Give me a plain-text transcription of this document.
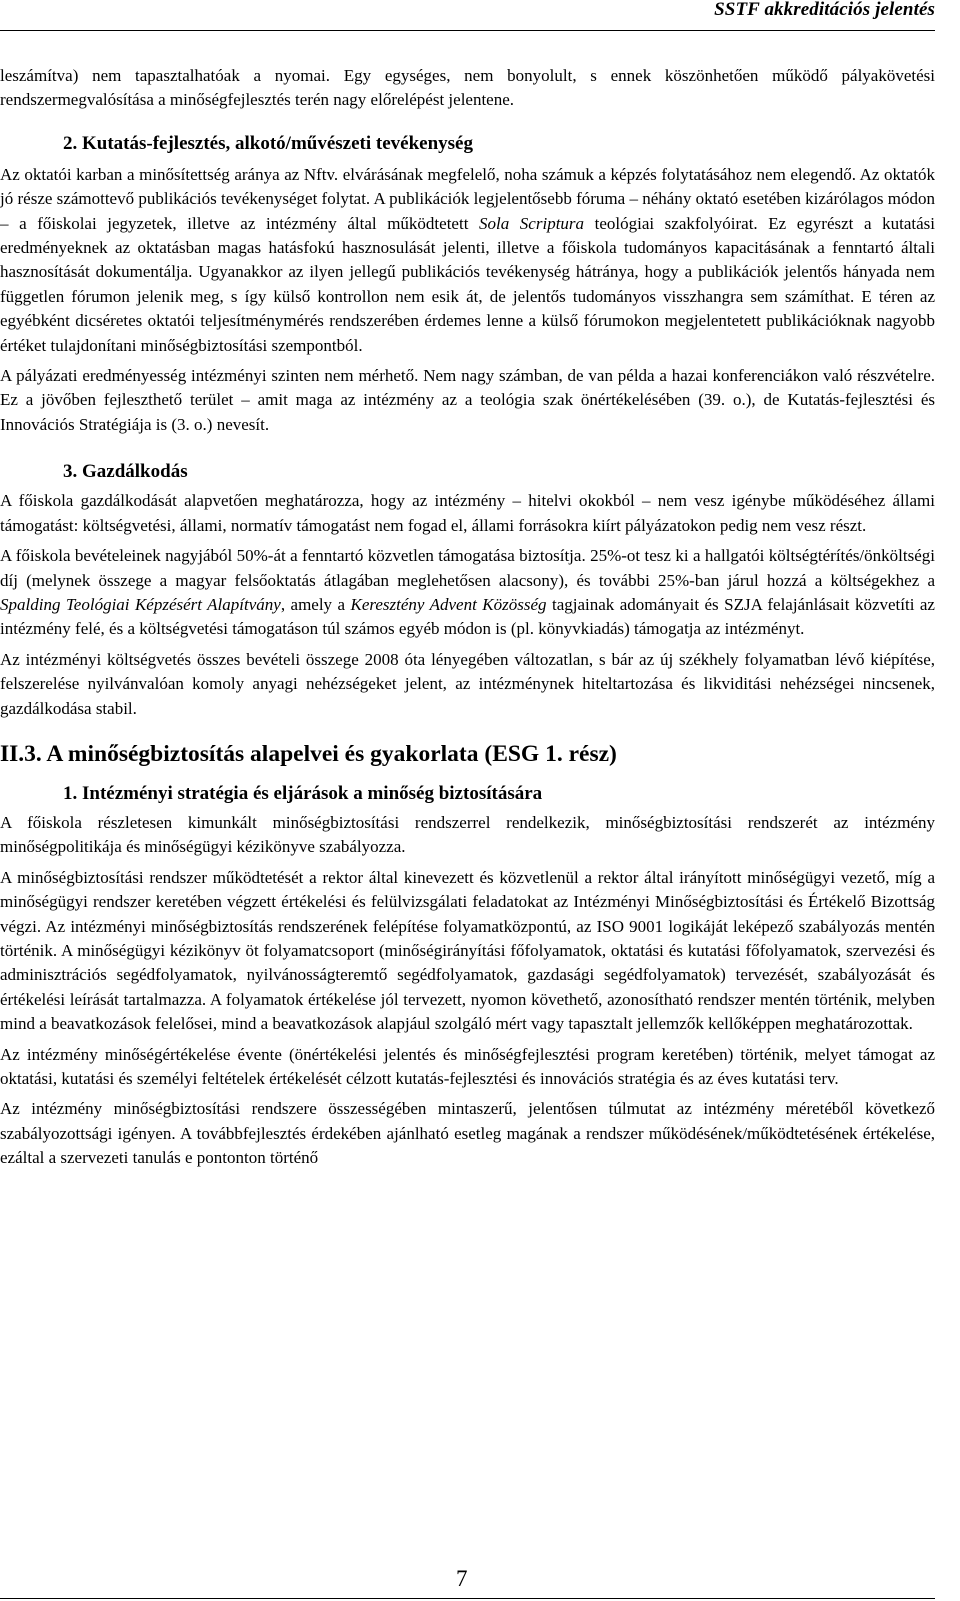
SSTF akkreditációs jelentés

leszámítva) nem tapasztalhatóak a nyomai. Egy egységes, nem bonyolult, s ennek köszönhetően működő pályakövetési rendszermegvalósítása a minőségfejlesztés terén nagy előrelépést jelentene.

2. Kutatás-fejlesztés, alkotó/művészeti tevékenység

Az oktatói karban a minősítettség aránya az Nftv. elvárásának megfelelő, noha számuk a képzés folytatásához nem elegendő. Az oktatók jó része számottevő publikációs tevékenységet folytat. A publikációk legjelentősebb fóruma – néhány oktató esetében kizárólagos módon – a főiskolai jegyzetek, illetve az intézmény által működtetett Sola Scriptura teológiai szakfolyóirat. Ez egyrészt a kutatási eredményeknek az oktatásban magas hatásfokú hasznosulását jelenti, illetve a főiskola tudományos kapacitásának a fenntartó általi hasznosítását dokumentálja. Ugyanakkor az ilyen jellegű publikációs tevékenység hátránya, hogy a publikációk jelentős hányada nem független fórumon jelenik meg, s így külső kontrollon nem esik át, de jelentős tudományos visszhangra sem számíthat. E téren az egyébként dicséretes oktatói teljesítménymérés rendszerében érdemes lenne a külső fórumokon megjelentetett publikációknak nagyobb értéket tulajdonítani minőségbiztosítási szempontból.

A pályázati eredményesség intézményi szinten nem mérhető. Nem nagy számban, de van példa a hazai konferenciákon való részvételre. Ez a jövőben fejleszthető terület – amit maga az intézmény az a teológia szak önértékelésében (39. o.), de Kutatás-fejlesztési és Innovációs Stratégiája is (3. o.) nevesít.

3. Gazdálkodás

A főiskola gazdálkodását alapvetően meghatározza, hogy az intézmény – hitelvi okokból – nem vesz igénybe működéséhez állami támogatást: költségvetési, állami, normatív támogatást nem fogad el, állami forrásokra kiírt pályázatokon pedig nem vesz részt.

A főiskola bevételeinek nagyjából 50%-át a fenntartó közvetlen támogatása biztosítja. 25%-ot tesz ki a hallgatói költségtérítés/önköltségi díj (melynek összege a magyar felsőoktatás átlagában meglehetősen alacsony), és további 25%-ban járul hozzá a költségekhez a Spalding Teológiai Képzésért Alapítvány, amely a Keresztény Advent Közösség tagjainak adományait és SZJA felajánlásait közvetíti az intézmény felé, és a költségvetési támogatáson túl számos egyéb módon is (pl. könyvkiadás) támogatja az intézményt.

Az intézményi költségvetés összes bevételi összege 2008 óta lényegében változatlan, s bár az új székhely folyamatban lévő kiépítése, felszerelése nyilvánvalóan komoly anyagi nehézségeket jelent, az intézménynek hiteltartozása és likviditási nehézségei nincsenek, gazdálkodása stabil.

II.3. A minőségbiztosítás alapelvei és gyakorlata (ESG 1. rész)
1. Intézményi stratégia és eljárások a minőség biztosítására

A főiskola részletesen kimunkált minőségbiztosítási rendszerrel rendelkezik, minőségbiztosítási rendszerét az intézmény minőségpolitikája és minőségügyi kézikönyve szabályozza.

A minőségbiztosítási rendszer működtetését a rektor által kinevezett és közvetlenül a rektor által irányított minőségügyi vezető, míg a minőségügyi rendszer keretében végzett értékelési és felülvizsgálati feladatokat az Intézményi Minőségbiztosítási és Értékelő Bizottság végzi. Az intézményi minőségbiztosítás rendszerének felépítése folyamatközpontú, az ISO 9001 logikáját leképező szabályozás mentén történik. A minőségügyi kézikönyv öt folyamatcsoport (minőségirányítási főfolyamatok, oktatási és kutatási főfolyamatok, szervezési és adminisztrációs segédfolyamatok, nyilvánosságteremtő segédfolyamatok, gazdasági segédfolyamatok) tervezését, szabályozását és értékelési leírását tartalmazza. A folyamatok értékelése jól tervezett, nyomon követhető, azonosítható rendszer mentén történik, melyben mind a beavatkozások felelősei, mind a beavatkozások alapjául szolgáló mért vagy tapasztalt jellemzők kellőképpen meghatározottak.

Az intézmény minőségértékelése évente (önértékelési jelentés és minőségfejlesztési program keretében) történik, melyet támogat az oktatási, kutatási és személyi feltételek értékelését célzott kutatás-fejlesztési és innovációs stratégia és az éves kutatási terv.

Az intézmény minőségbiztosítási rendszere összességében mintaszerű, jelentősen túlmutat az intézmény méretéből következő szabályozottsági igényen. A továbbfejlesztés érdekében ajánlható esetleg magának a rendszer működésének/működtetésének értékelése, ezáltal a szervezeti tanulás e pontonton történő

7
